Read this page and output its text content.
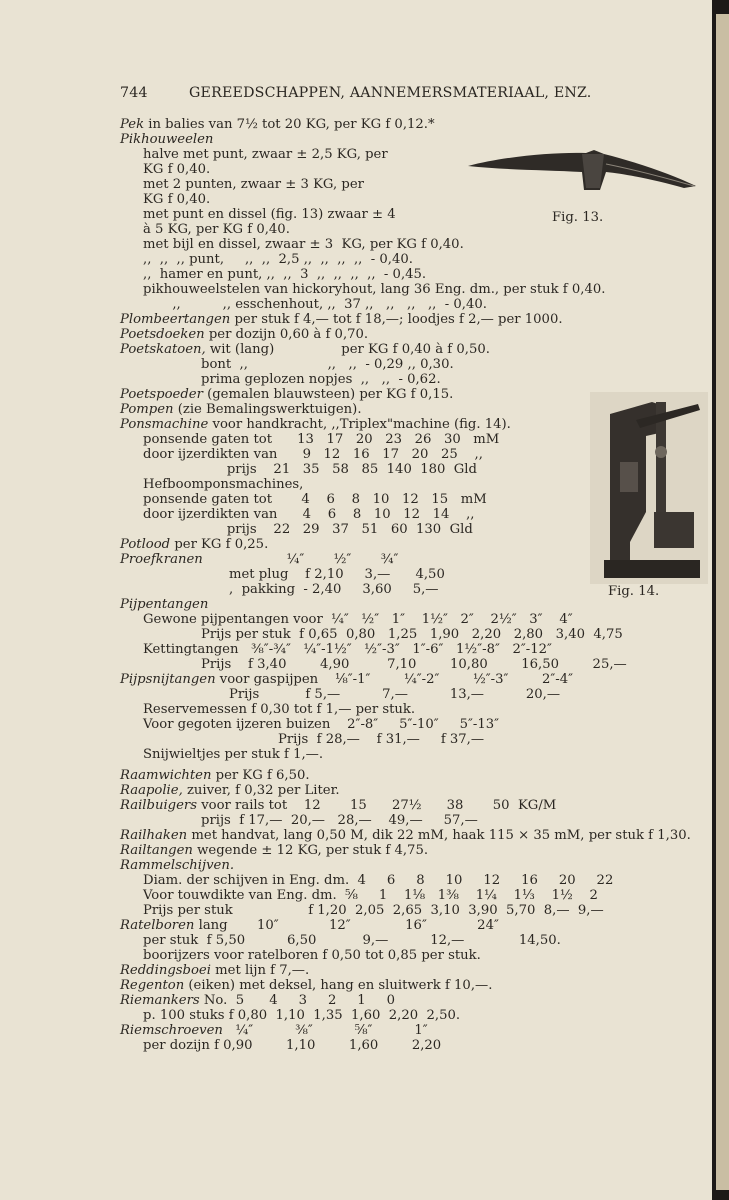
744	GEREEDSCHAPPEN, AANNEMERSMATERIAAL, ENZ.
Pek in balies van 7½ tot 20 KG, per KG f 0,12.*
Pikhouweelen
halve met punt, zwaar ± 2,5 KG, per
KG f 0,40.
met 2 punten, zwaar ± 3 KG, per
KG f 0,40.
met punt en dissel (fig. 13) zwaar ± 4
à 5 KG, per KG f 0,40.
met bijl en dissel, zwaar ± 3  KG, per KG f 0,40.
,,  ,,  ,, punt,     ,,  ,,  2,5 ,,  ,,  ,,  ,,  - 0,40.
,,  hamer en punt, ,,  ,,  3  ,,  ,,  ,,  ,,  - 0,45.
pikhouweelstelen van hickoryhout, lang 36 Eng. dm., per stuk f 0,40.
,,          ,, esschenhout, ,,  37 ,,   ,,   ,,   ,,  - 0,40.
Plombeertangen per stuk f 4,— tot f 18,—; loodjes f 2,— per 1000.
Poetsdoeken per dozijn 0,60 à f 0,70.
Poetskatoen, wit (lang)                per KG f 0,40 à f 0,50.
bont  ,,                   ,,   ,,  - 0,29 ,, 0,30.
prima geplozen nopjes  ,,   ,,  - 0,62.
Poetspoeder (gemalen blauwsteen) per KG f 0,15.
Pompen (zie Bemalingswerktuigen).
Ponsmachine voor handkracht, ,,Triplex"machine (fig. 14).
ponsende gaten tot      13   17   20   23   26   30   mM
door ijzerdikten van      9   12   16   17   20   25    ,,
prijs    21   35   58   85  140  180  Gld
Hefboomponsmachines,
ponsende gaten tot       4    6    8   10   12   15   mM
door ijzerdikten van      4    6    8   10   12   14    ,,
prijs    22   29   37   51   60  130  Gld
Potlood per KG f 0,25.
Proefkranen                    ¼″       ½″       ¾″
met plug    f 2,10     3,—      4,50
,  pakking  - 2,40     3,60     5,—
Pijpentangen
Gewone pijpentangen voor  ¼″   ½″   1″    1½″   2″    2½″   3″    4″
Prijs per stuk  f 0,65  0,80   1,25   1,90   2,20   2,80   3,40  4,75
Kettingtangen   ⅜″-¾″   ¼″-1½″   ½″-3″   1″-6″   1½″-8″   2″-12″
Prijs    f 3,40        4,90         7,10        10,80        16,50        25,—
Pijpsnijtangen voor gaspijpen    ⅛″-1″        ¼″-2″        ½″-3″        2″-4″
Prijs           f 5,—          7,—          13,—          20,—
Reservemessen f 0,30 tot f 1,— per stuk.
Voor gegoten ijzeren buizen    2″-8″     5″-10″     5″-13″
Prijs  f 28,—    f 31,—     f 37,—
Snijwieltjes per stuk f 1,—.
Raamwichten per KG f 6,50.
Raapolie, zuiver, f 0,32 per Liter.
Railbuigers voor rails tot    12       15      27½      38       50  KG/M
prijs  f 17,—  20,—   28,—    49,—     57,—
Railhaken met handvat, lang 0,50 M, dik 22 mM, haak 115 × 35 mM, per stuk f 1,30.
Railtangen wegende ± 12 KG, per stuk f 4,75.
Rammelschijven.
Diam. der schijven in Eng. dm.  4     6     8     10     12     16     20     22
Voor touwdikte van Eng. dm.  ⅝     1    1⅛   1⅜    1¼    1⅓    1½    2
Prijs per stuk                  f 1,20  2,05  2,65  3,10  3,90  5,70  8,—  9,—
Ratelboren lang       10″            12″             16″            24″
per stuk  f 5,50          6,50           9,—          12,—             14,50.
boorijzers voor ratelboren f 0,50 tot 0,85 per stuk.
Reddingsboei met lijn f 7,—.
Regenton (eiken) met deksel, hang en sluitwerk f 10,—.
Riemankers No.  5      4     3     2     1     0
p. 100 stuks f 0,80  1,10  1,35  1,60  2,20  2,50.
Riemschroeven   ¼″          ⅜″          ⅝″          1″
per dozijn f 0,90        1,10        1,60        2,20
Fig. 13.
Fig. 14.
